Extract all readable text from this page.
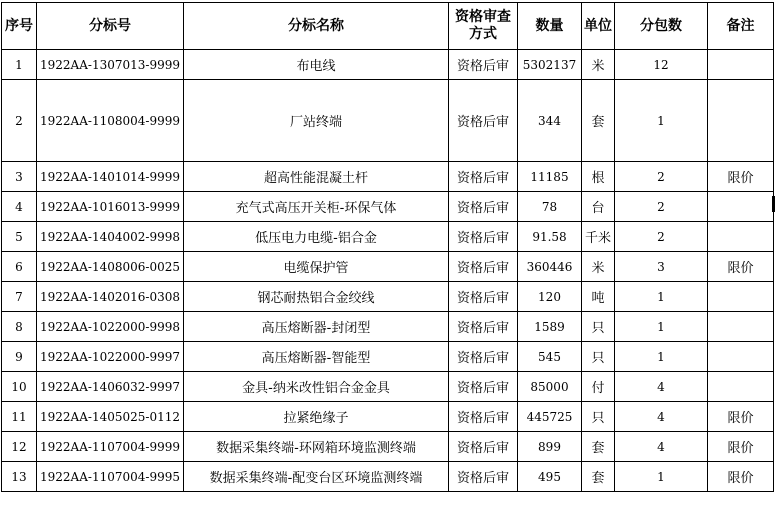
序号	分标号	分标名称	资格审查方式	数量	单位	分包数	备注
1	1922AA-1307013-9999	布电线	资格后审	5302137	米	12	
2	1922AA-1108004-9999	厂站终端	资格后审	344	套	1	
3	1922AA-1401014-9999	超高性能混凝土杆	资格后审	11185	根	2	限价
4	1922AA-1016013-9999	充气式高压开关柜-环保气体	资格后审	78	台	2	
5	1922AA-1404002-9998	低压电力电缆-铝合金	资格后审	91.58	千米	2	
6	1922AA-1408006-0025	电缆保护管	资格后审	360446	米	3	限价
7	1922AA-1402016-0308	钢芯耐热铝合金绞线	资格后审	120	吨	1	
8	1922AA-1022000-9998	高压熔断器-封闭型	资格后审	1589	只	1	
9	1922AA-1022000-9997	高压熔断器-智能型	资格后审	545	只	1	
10	1922AA-1406032-9997	金具-纳米改性铝合金金具	资格后审	85000	付	4	
11	1922AA-1405025-0112	拉紧绝缘子	资格后审	445725	只	4	限价
12	1922AA-1107004-9999	数据采集终端-环网箱环境监测终端	资格后审	899	套	4	限价
13	1922AA-1107004-9995	数据采集终端-配变台区环境监测终端	资格后审	495	套	1	限价
